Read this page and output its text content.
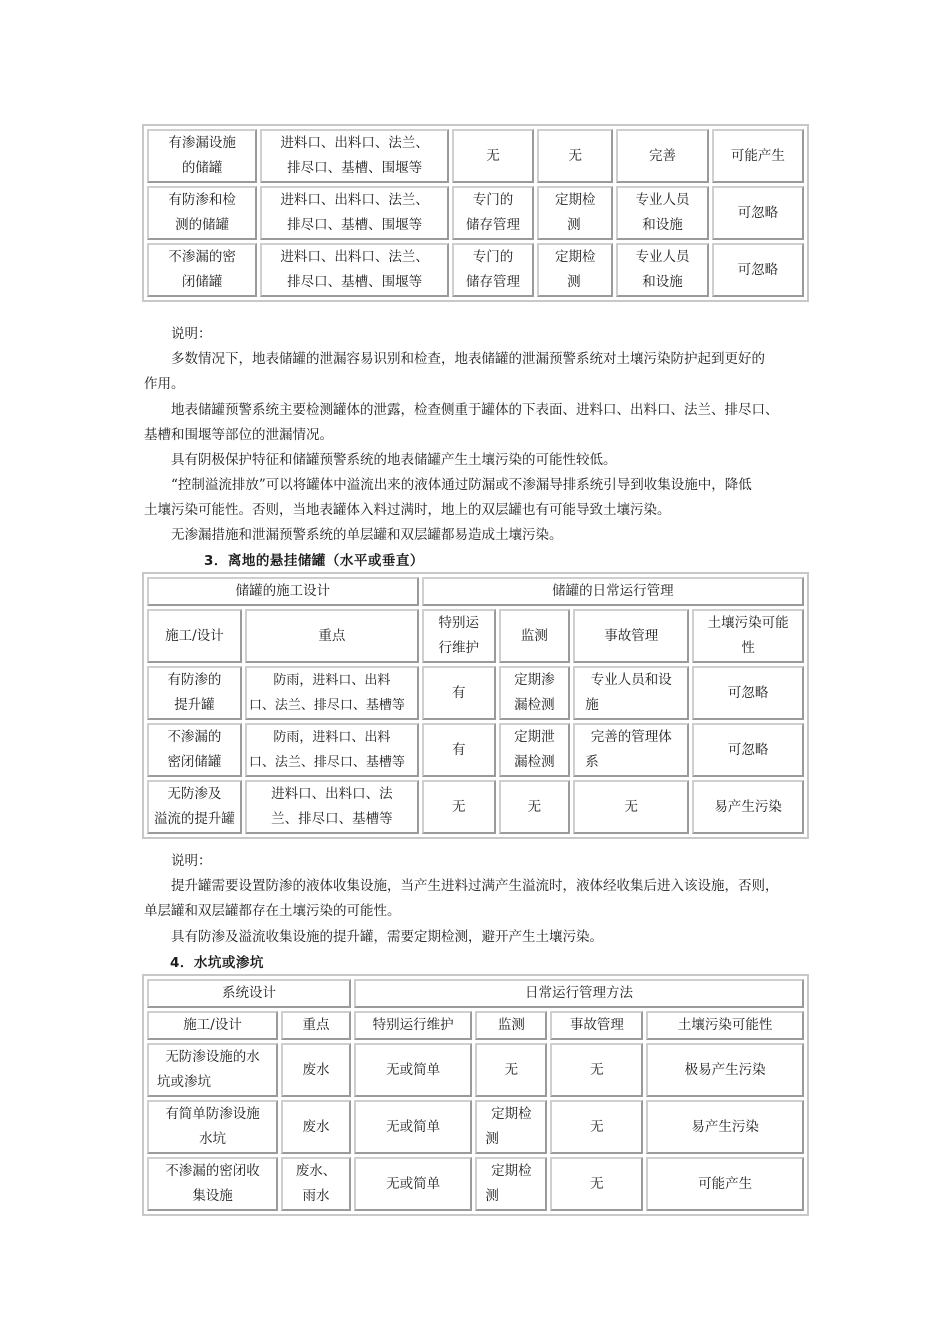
有渗漏设施
的储罐	进料口、出料口、法兰、
排尽口、基槽、围堰等	无	无	完善	可能产生

有防渗和检
测的储罐	进料口、出料口、法兰、
排尽口、基槽、围堰等	专门的
储存管理	定期检
测	专业人员
和设施	可忽略

不渗漏的密
闭储罐	进料口、出料口、法兰、
排尽口、基槽、围堰等	专门的
储存管理	定期检
测	专业人员
和设施	可忽略
说明：
多数情况下，地表储罐的泄漏容易识别和检查，地表储罐的泄漏预警系统对土壤污染防护起到更好的
作用。
地表储罐预警系统主要检测罐体的泄露，检查侧重于罐体的下表面、进料口、出料口、法兰、排尽口、
基槽和围堰等部位的泄漏情况。
具有阴极保护特征和储罐预警系统的地表储罐产生土壤污染的可能性较低。
“控制溢流排放”可以将罐体中溢流出来的液体通过防漏或不渗漏导排系统引导到收集设施中，降低
土壤污染可能性。否则，当地表罐体入料过满时，地上的双层罐也有可能导致土壤污染。
无渗漏措施和泄漏预警系统的单层罐和双层罐都易造成土壤污染。
3．离地的悬挂储罐（水平或垂直）
储罐的施工设计		储罐的日常运行管理			
施工/设计	重点	特别运
行维护	监测	事故管理	土壤污染可能
性

有防渗的
提升罐	防雨，进料口、出料
口、法兰、排尽口、基槽等	有	定期渗
漏检测	专业人员和设
施	可忽略

不渗漏的
密闭储罐	防雨，进料口、出料
口、法兰、排尽口、基槽等	有	定期泄
漏检测	完善的管理体
系	可忽略

无防渗及
溢流的提升罐	进料口、出料口、法
兰、排尽口、基槽等	无	无	无	易产生污染
说明：
提升罐需要设置防渗的液体收集设施，当产生进料过满产生溢流时，液体经收集后进入该设施，否则，
单层罐和双层罐都存在土壤污染的可能性。
具有防渗及溢流收集设施的提升罐，需要定期检测，避开产生土壤污染。
4．水坑或渗坑
系统设计		日常运行管理方法			
施工/设计	重点	特别运行维护	监测	事故管理	土壤污染可能性

无防渗设施的水
坑或渗坑	废水	无或简单	无	无	极易产生污染

有简单防渗设施
水坑	废水	无或简单	定期检
测	无	易产生污染

不渗漏的密闭收
集设施	废水、
雨水	无或简单	定期检
测	无	可能产生
